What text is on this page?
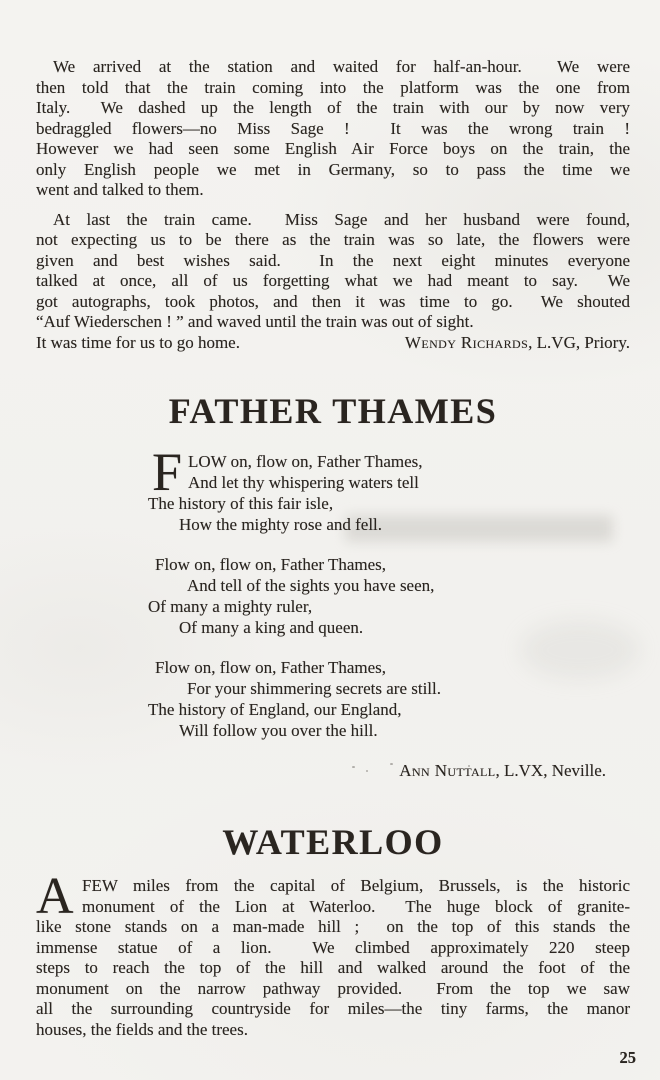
We arrived at the station and waited for half-an-hour.  We were
then told that the train coming into the platform was the one from
Italy.  We dashed up the length of the train with our by now very
bedraggled flowers—no Miss Sage !  It was the wrong train !
However we had seen some English Air Force boys on the train, the
only English people we met in Germany, so to pass the time we
went and talked to them.
At last the train came.  Miss Sage and her husband were found,
not expecting us to be there as the train was so late, the flowers were
given and best wishes said.  In the next eight minutes everyone
talked at once, all of us forgetting what we had meant to say.  We
got autographs, took photos, and then it was time to go.  We shouted
“Auf Wiederschen ! ” and waved until the train was out of sight.
It was time for us to go home.	Wendy Richards, L.VG, Priory.
FATHER THAMES
F LOW on, flow on, Father Thames,
And let thy whispering waters tell
The history of this fair isle,
How the mighty rose and fell.
Flow on, flow on, Father Thames,
And tell of the sights you have seen,
Of many a mighty ruler,
Of many a king and queen.
Flow on, flow on, Father Thames,
For your shimmering secrets are still.
The history of England, our England,
Will follow you over the hill.
Ann Nuttall, L.VX, Neville.
WATERLOO
A FEW miles from the capital of Belgium, Brussels, is the historic
monument of the Lion at Waterloo.  The huge block of granite-
like stone stands on a man-made hill ;  on the top of this stands the
immense statue of a lion.  We climbed approximately 220 steep
steps to reach the top of the hill and walked around the foot of the
monument on the narrow pathway provided.  From the top we saw
all the surrounding countryside for miles—the tiny farms, the manor
houses, the fields and the trees.
25
